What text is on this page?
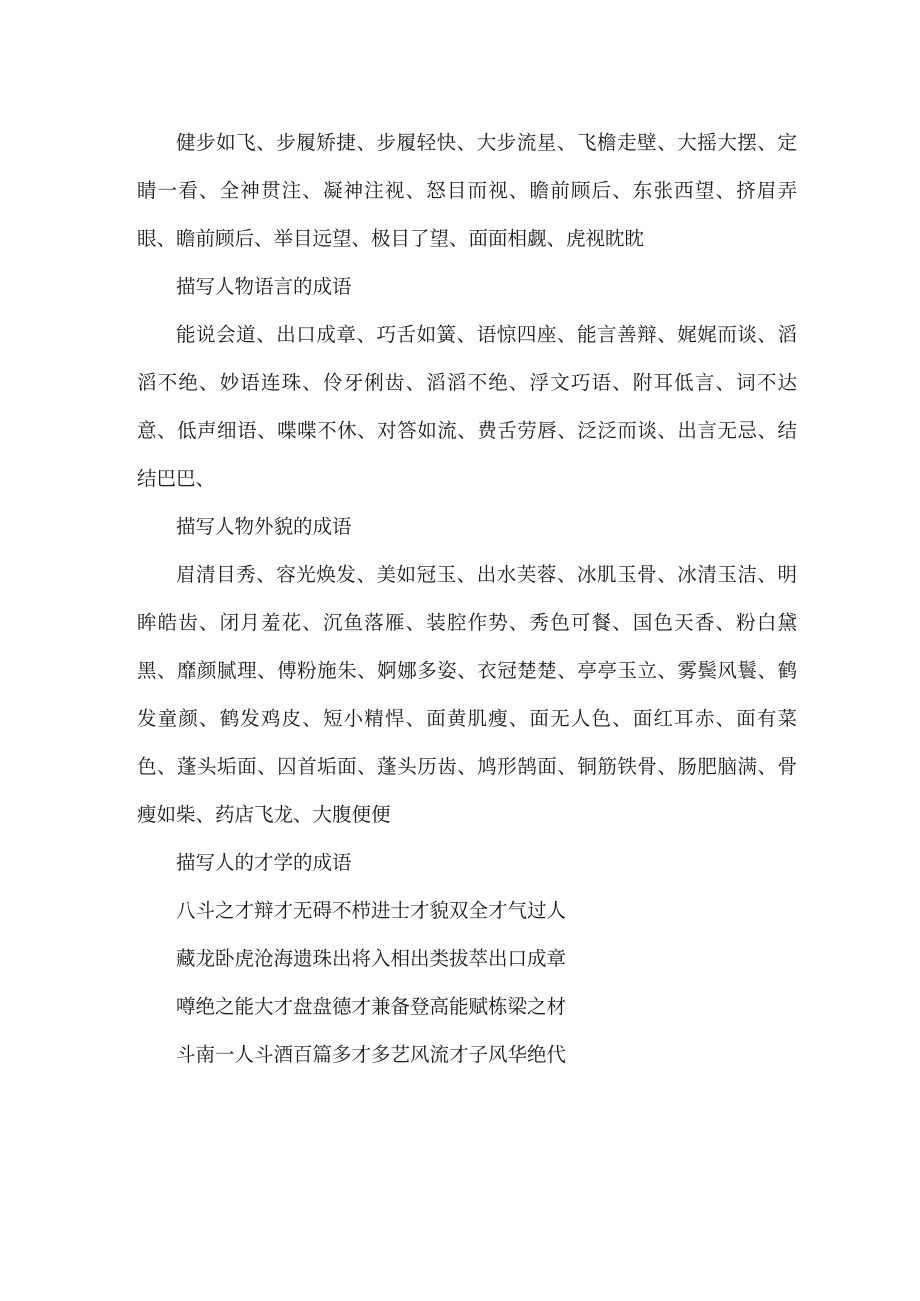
健步如飞、步履矫捷、步履轻快、大步流星、飞檐走壁、大摇大摆、定睛一看、全神贯注、凝神注视、怒目而视、瞻前顾后、东张西望、挤眉弄眼、瞻前顾后、举目远望、极目了望、面面相觑、虎视眈眈

描写人物语言的成语

能说会道、出口成章、巧舌如簧、语惊四座、能言善辩、娓娓而谈、滔滔不绝、妙语连珠、伶牙俐齿、滔滔不绝、浮文巧语、附耳低言、词不达意、低声细语、喋喋不休、对答如流、费舌劳唇、泛泛而谈、出言无忌、结结巴巴、

描写人物外貌的成语

眉清目秀、容光焕发、美如冠玉、出水芙蓉、冰肌玉骨、冰清玉洁、明眸皓齿、闭月羞花、沉鱼落雁、装腔作势、秀色可餐、国色天香、粉白黛黑、靡颜腻理、傅粉施朱、婀娜多姿、衣冠楚楚、亭亭玉立、雾鬓风鬟、鹤发童颜、鹤发鸡皮、短小精悍、面黄肌瘦、面无人色、面红耳赤、面有菜色、蓬头垢面、囚首垢面、蓬头历齿、鸠形鹄面、铜筋铁骨、肠肥脑满、骨瘦如柴、药店飞龙、大腹便便

描写人的才学的成语

八斗之才辩才无碍不栉进士才貌双全才气过人

藏龙卧虎沧海遗珠出将入相出类拔萃出口成章

噂绝之能大才盘盘德才兼备登高能赋栋梁之材

斗南一人斗酒百篇多才多艺风流才子风华绝代
